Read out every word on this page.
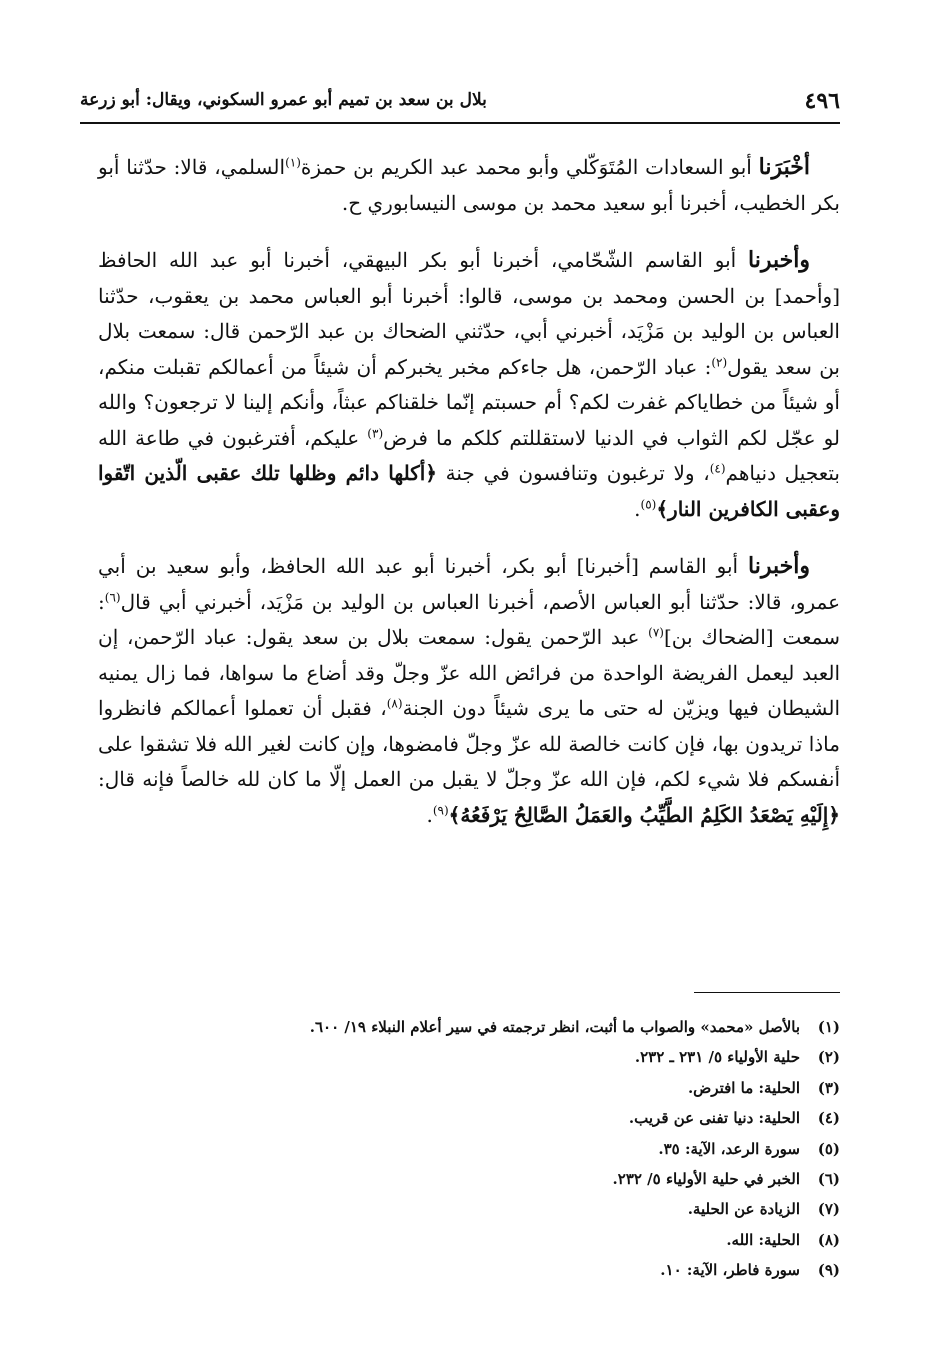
٤٩٦
بلال بن سعد بن تميم أبو عمرو السكوني، ويقال: أبو زرعة

أخْبَرَنا أبو السعادات المُتَوَكّلي وأبو محمد عبد الكريم بن حمزة$^{(١)}$السلمي، قالا: حدّثنا أبو بكر الخطيب، أخبرنا أبو سعيد محمد بن موسى النيسابوري ح.

وأخبرنا أبو القاسم الشّحّامي، أخبرنا أبو بكر البيهقي، أخبرنا أبو عبد الله الحافظ [وأحمد] بن الحسن ومحمد بن موسى، قالوا: أخبرنا أبو العباس محمد بن يعقوب، حدّثنا العباس بن الوليد بن مَزْيَد، أخبرني أبي، حدّثني الضحاك بن عبد الرّحمن قال: سمعت بلال بن سعد يقول$^{(٢)}$: عباد الرّحمن، هل جاءكم مخبر يخبركم أن شيئاً من أعمالكم تقبلت منكم، أو شيئاً من خطاياكم غفرت لكم؟ أم حسبتم إنّما خلقناكم عبثاً، وأنكم إلينا لا ترجعون؟ والله لو عجّل لكم الثواب في الدنيا لاستقللتم كلكم ما فرض$^{(٣)}$ عليكم، أفترغبون في طاعة الله بتعجيل دنياهم$^{(٤)}$، ولا ترغبون وتنافسون في جنة ﴿أكلها دائم وظلها تلك عقبى الّذين اتّقوا وعقبى الكافرين النار﴾$^{(٥)}$.

وأخبرنا أبو القاسم [أخبرنا] أبو بكر، أخبرنا أبو عبد الله الحافظ، وأبو سعيد بن أبي عمرو، قالا: حدّثنا أبو العباس الأصم، أخبرنا العباس بن الوليد بن مَزْيَد، أخبرني أبي قال$^{(٦)}$: سمعت [الضحاك بن]$^{(٧)}$ عبد الرّحمن يقول: سمعت بلال بن سعد يقول: عباد الرّحمن، إن العبد ليعمل الفريضة الواحدة من فرائض الله عزّ وجلّ وقد أضاع ما سواها، فما زال يمنيه الشيطان فيها ويزيّن له حتى ما يرى شيئاً دون الجنة$^{(٨)}$، فقبل أن تعملوا أعمالكم فانظروا ماذا تريدون بها، فإن كانت خالصة لله عزّ وجلّ فامضوها، وإن كانت لغير الله فلا تشقوا على أنفسكم فلا شيء لكم، فإن الله عزّ وجلّ لا يقبل من العمل إلّا ما كان لله خالصاً فإنه قال: ﴿إِلَيْهِ يَصْعَدُ الكَلِمُ الطَّيِّبُ والعَمَلُ الصَّالِحُ يَرْفَعُهُ﴾$^{(٩)}$.

(١)بالأصل «محمد» والصواب ما أثبت، انظر ترجمته في سير أعلام النبلاء ١٩/ ٦٠٠.
(٢)حلية الأولياء ٥/ ٢٣١ ـ ٢٣٢.
(٣)الحلية: ما افترض.
(٤)الحلية: دنيا تفنى عن قريب.
(٥)سورة الرعد، الآية: ٣٥.
(٦)الخبر في حلية الأولياء ٥/ ٢٣٢.
(٧)الزيادة عن الحلية.
(٨)الحلية: الله.
(٩)سورة فاطر، الآية: ١٠.
